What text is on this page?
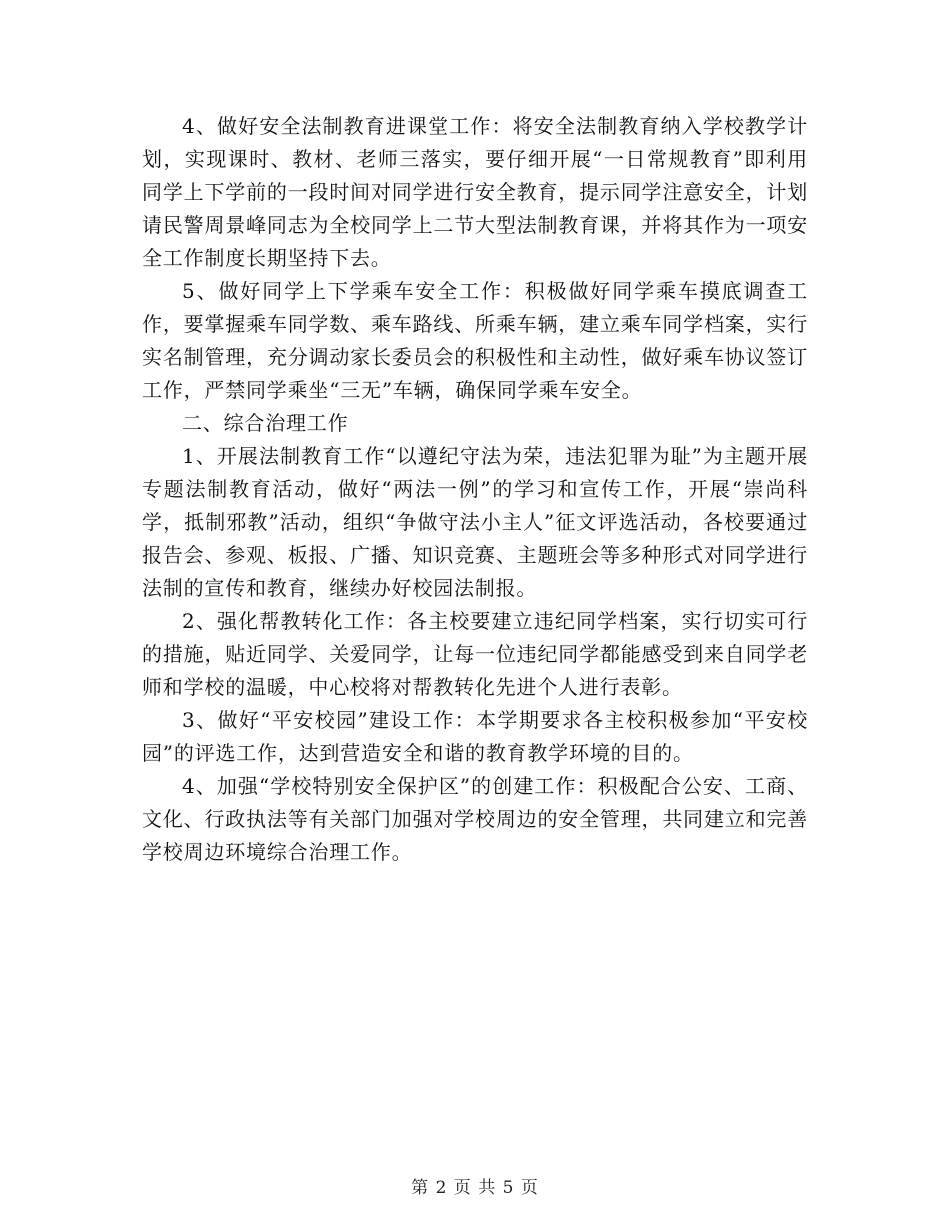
4、做好安全法制教育进课堂工作：将安全法制教育纳入学校教学计划，实现课时、教材、老师三落实，要仔细开展“一日常规教育”即利用同学上下学前的一段时间对同学进行安全教育，提示同学注意安全，计划请民警周景峰同志为全校同学上二节大型法制教育课，并将其作为一项安全工作制度长期坚持下去。

5、做好同学上下学乘车安全工作：积极做好同学乘车摸底调查工作，要掌握乘车同学数、乘车路线、所乘车辆，建立乘车同学档案，实行实名制管理，充分调动家长委员会的积极性和主动性，做好乘车协议签订工作，严禁同学乘坐“三无”车辆，确保同学乘车安全。

二、综合治理工作

1、开展法制教育工作“以遵纪守法为荣，违法犯罪为耻”为主题开展专题法制教育活动，做好“两法一例”的学习和宣传工作，开展“崇尚科学，抵制邪教”活动，组织“争做守法小主人”征文评选活动，各校要通过报告会、参观、板报、广播、知识竞赛、主题班会等多种形式对同学进行法制的宣传和教育，继续办好校园法制报。

2、强化帮教转化工作：各主校要建立违纪同学档案，实行切实可行的措施，贴近同学、关爱同学，让每一位违纪同学都能感受到来自同学老师和学校的温暖，中心校将对帮教转化先进个人进行表彰。

3、做好“平安校园”建设工作：本学期要求各主校积极参加“平安校园”的评选工作，达到营造安全和谐的教育教学环境的目的。

4、加强“学校特别安全保护区”的创建工作：积极配合公安、工商、文化、行政执法等有关部门加强对学校周边的安全管理，共同建立和完善学校周边环境综合治理工作。

第 2 页 共 5 页
